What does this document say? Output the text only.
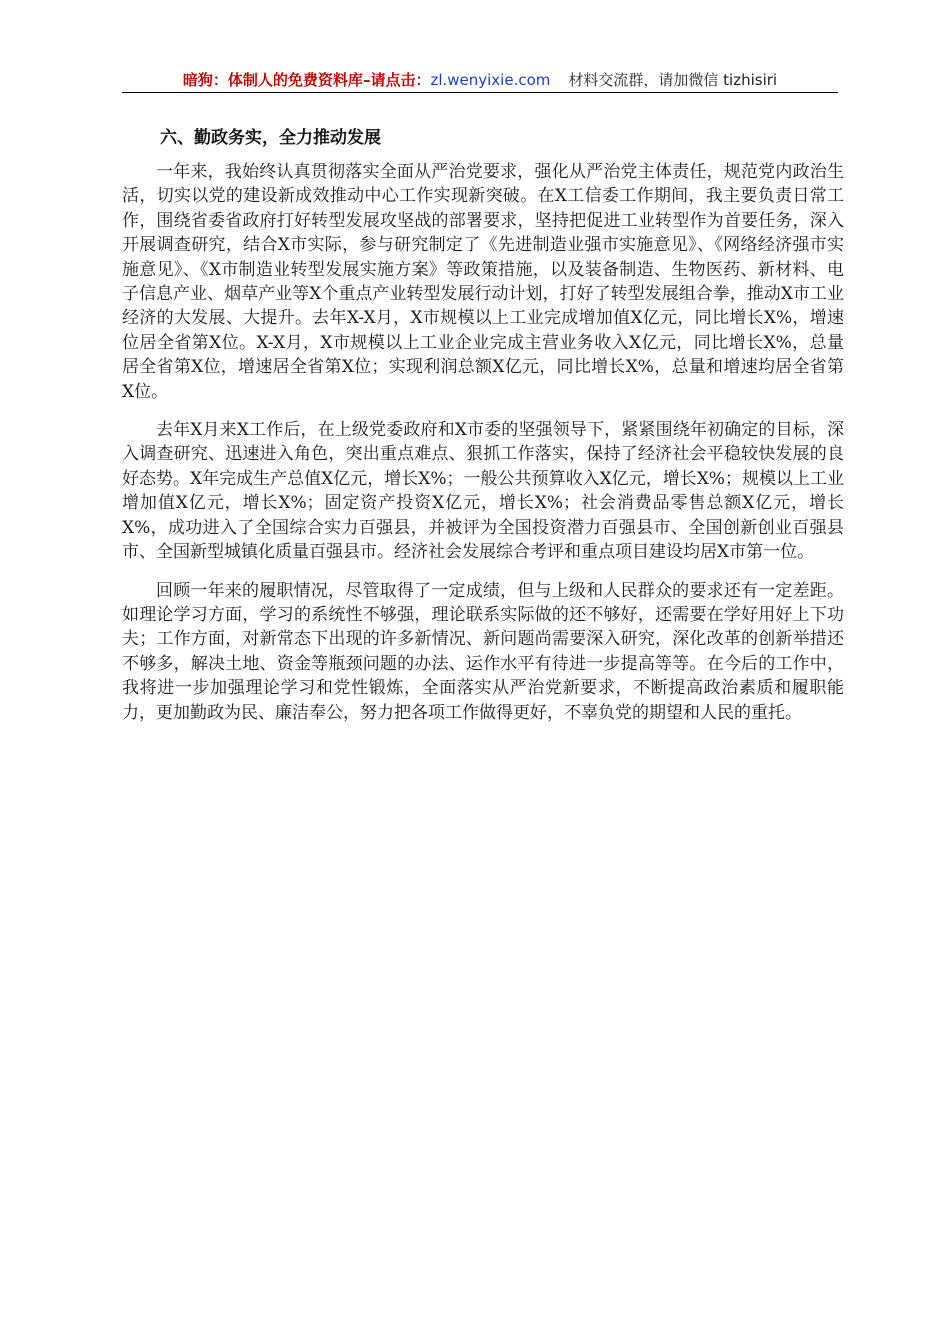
暗狗：体制人的免费资料库–请点击：zl.wenyixie.com 材料交流群，请加微信 tizhisiri
六、勤政务实，全力推动发展

一年来，我始终认真贯彻落实全面从严治党要求，强化从严治党主体责任，规范党内政治生活，切实以党的建设新成效推动中心工作实现新突破。在X工信委工作期间，我主要负责日常工作，围绕省委省政府打好转型发展攻坚战的部署要求，坚持把促进工业转型作为首要任务，深入开展调查研究，结合X市实际，参与研究制定了《先进制造业强市实施意见》、《网络经济强市实施意见》、《X市制造业转型发展实施方案》等政策措施，以及装备制造、生物医药、新材料、电子信息产业、烟草产业等X个重点产业转型发展行动计划，打好了转型发展组合拳，推动X市工业经济的大发展、大提升。去年X-X月，X市规模以上工业完成增加值X亿元，同比增长X%，增速位居全省第X位。X-X月，X市规模以上工业企业完成主营业务收入X亿元，同比增长X%，总量居全省第X位，增速居全省第X位；实现利润总额X亿元，同比增长X%，总量和增速均居全省第X位。

去年X月来X工作后，在上级党委政府和X市委的坚强领导下，紧紧围绕年初确定的目标，深入调查研究、迅速进入角色，突出重点难点、狠抓工作落实，保持了经济社会平稳较快发展的良好态势。X年完成生产总值X亿元，增长X%；一般公共预算收入X亿元，增长X%；规模以上工业增加值X亿元，增长X%；固定资产投资X亿元，增长X%；社会消费品零售总额X亿元，增长X%，成功进入了全国综合实力百强县，并被评为全国投资潜力百强县市、全国创新创业百强县市、全国新型城镇化质量百强县市。经济社会发展综合考评和重点项目建设均居X市第一位。

回顾一年来的履职情况，尽管取得了一定成绩，但与上级和人民群众的要求还有一定差距。如理论学习方面，学习的系统性不够强，理论联系实际做的还不够好，还需要在学好用好上下功夫；工作方面，对新常态下出现的许多新情况、新问题尚需要深入研究，深化改革的创新举措还不够多，解决土地、资金等瓶颈问题的办法、运作水平有待进一步提高等等。在今后的工作中，我将进一步加强理论学习和党性锻炼，全面落实从严治党新要求，不断提高政治素质和履职能力，更加勤政为民、廉洁奉公，努力把各项工作做得更好，不辜负党的期望和人民的重托。
